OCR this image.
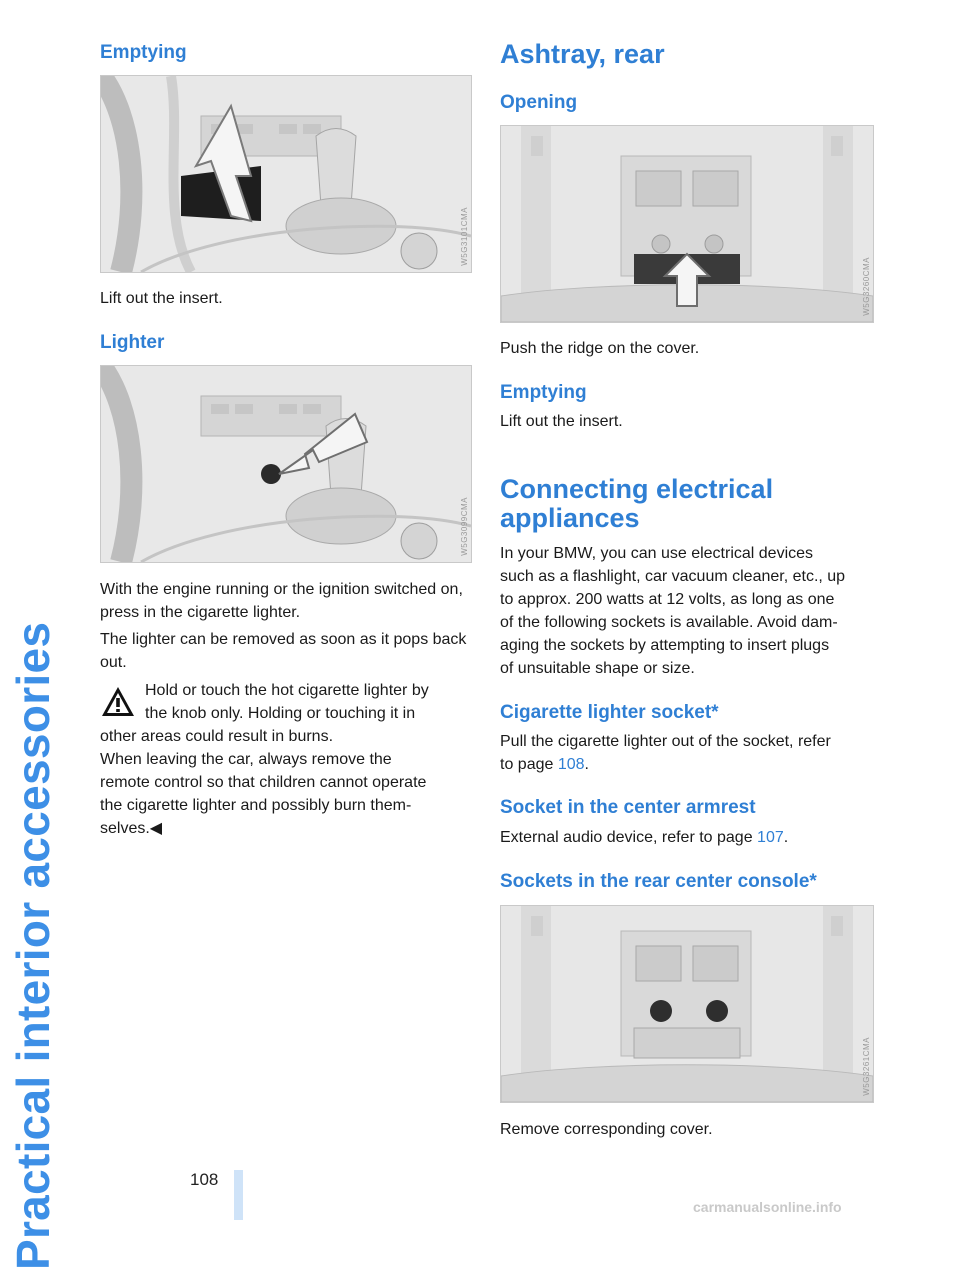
Practical interior accessories
Emptying
W5G3101CMA

Lift out the insert.

Lighter
W5G3099CMA

With the engine running or the ignition switched on, press in the cigarette lighter.

The lighter can be removed as soon as it pops back out.

Hold or touch the hot cigarette lighter by

the knob only. Holding or touching it in

other areas could result in burns.

When leaving the car, always remove the

remote control so that children cannot operate

the cigarette lighter and possibly burn them-

selves.◀

Ashtray, rear
Opening
W5G3260CMA

Push the ridge on the cover.

Emptying

Lift out the insert.

Connecting electrical
appliances

In your BMW, you can use electrical devices

such as a flashlight, car vacuum cleaner, etc., up

to approx. 200 watts at 12 volts, as long as one

of the following sockets is available. Avoid dam-

aging the sockets by attempting to insert plugs

of unsuitable shape or size.

Cigarette lighter socket*

Pull the cigarette lighter out of the socket, refer

to page 108.

Socket in the center armrest

External audio device, refer to page 107.

Sockets in the rear center console*
W5G3261CMA

Remove corresponding cover.

108
carmanualsonline.info
